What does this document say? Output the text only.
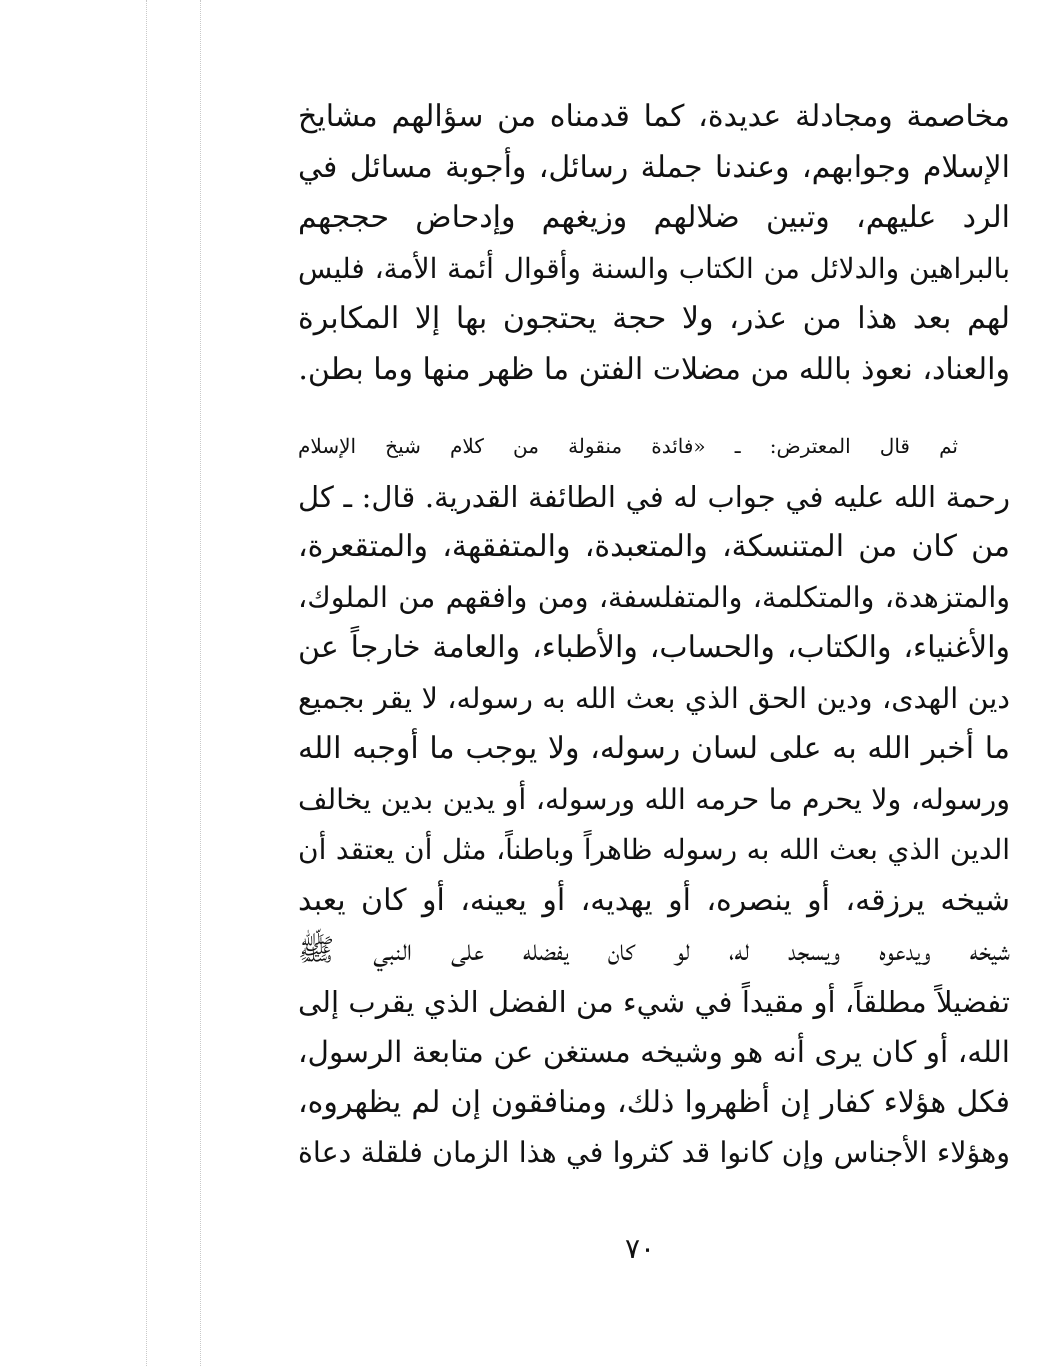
مخاصمة ومجادلة عديدة، كما قدمناه من سؤالهم مشايخ
الإسلام وجوابهم، وعندنا جملة رسائل، وأجوبة مسائل في
الرد عليهم، وتبين ضلالهم وزيغهم وإدحاض حججهم
بالبراهين والدلائل من الكتاب والسنة وأقوال أئمة الأمة، فليس
لهم بعد هذا من عذر، ولا حجة يحتجون بها إلا المكابرة
والعناد، نعوذ بالله من مضلات الفتن ما ظهر منها وما بطن.

ثم قال المعترض: ـ «فائدة منقولة من كلام شيخ الإسلام
رحمة الله عليه في جواب له في الطائفة القدرية. قال: ـ كل
من كان من المتنسكة، والمتعبدة، والمتفقهة، والمتقعرة،
والمتزهدة، والمتكلمة، والمتفلسفة، ومن وافقهم من الملوك،
والأغنياء، والكتاب، والحساب، والأطباء، والعامة خارجاً عن
دين الهدى، ودين الحق الذي بعث الله به رسوله، لا يقر بجميع
ما أخبر الله به على لسان رسوله، ولا يوجب ما أوجبه الله
ورسوله، ولا يحرم ما حرمه الله ورسوله، أو يدين بدين يخالف
الدين الذي بعث الله به رسوله ظاهراً وباطناً، مثل أن يعتقد أن
شيخه يرزقه، أو ينصره، أو يهديه، أو يعينه، أو كان يعبد
شيخه ويدعوه ويسجد له، لو كان يفضله على النبي ﷺ
تفضيلاً مطلقاً، أو مقيداً في شيء من الفضل الذي يقرب إلى
الله، أو كان يرى أنه هو وشيخه مستغن عن متابعة الرسول،
فكل هؤلاء كفار إن أظهروا ذلك، ومنافقون إن لم يظهروه،
وهؤلاء الأجناس وإن كانوا قد كثروا في هذا الزمان فلقلة دعاة

٧٠
